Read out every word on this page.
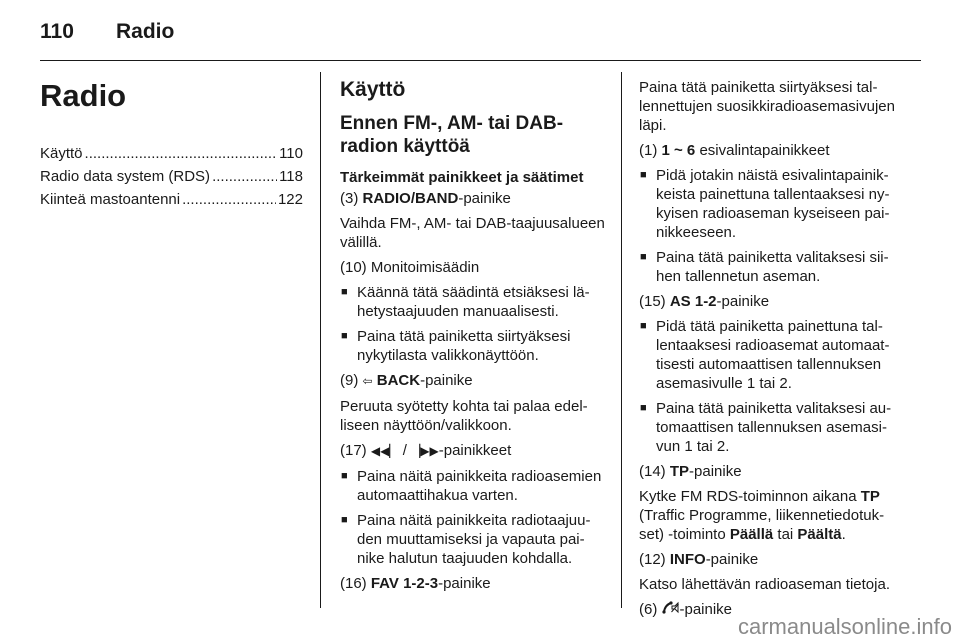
110 Radio
Radio
Käyttö .....	110
Radio data system (RDS) .....	118
Kiinteä mastoantenni .....	122
Käyttö
Ennen FM-, AM- tai DAB-radion käyttöä
Tärkeimmät painikkeet ja säätimet

(3) RADIO/BAND-painike

Vaihda FM-, AM- tai DAB-taajuusalueen välillä.

(10) Monitoimisäädin

■ Käännä tätä säädintä etsiäksesi lähetystaajuuden manuaalisesti.
■ Paina tätä painiketta siirtyäksesi nykytilasta valikkonäyttöön.

(9) ⇦ BACK-painike

Peruuta syötetty kohta tai palaa edelliseen näyttöön/valikkoon.

(17) ◀◀▏ / ▕▶▶-painikkeet

■ Paina näitä painikkeita radioasemien automaattihakua varten.
■ Paina näitä painikkeita radiotaajuuden muuttamiseksi ja vapauta painike halutun taajuuden kohdalla.

(16) FAV 1-2-3-painike

Paina tätä painiketta siirtyäksesi tallennettujen suosikkiradioasemasivujen läpi.

(1) 1 ~ 6 esivalintapainikkeet

■ Pidä jotakin näistä esivalintapainikkeista painettuna tallentaaksesi nykyisen radioaseman kyseiseen painikkeeseen.
■ Paina tätä painiketta valitaksesi siihen tallennetun aseman.

(15) AS 1-2-painike

■ Pidä tätä painiketta painettuna tallentaaksesi radioasemat automaattisesti automaattisen tallennuksen asemasivulle 1 tai 2.
■ Paina tätä painiketta valitaksesi automaattisen tallennuksen asemasivun 1 tai 2.

(14) TP-painike

Kytke FM RDS-toiminnon aikana TP (Traffic Programme, liikennetiedotukset) -toiminto Päällä tai Päältä.

(12) INFO-painike

Katso lähettävän radioaseman tietoja.

(6) -painike

carmanualsonline.info
